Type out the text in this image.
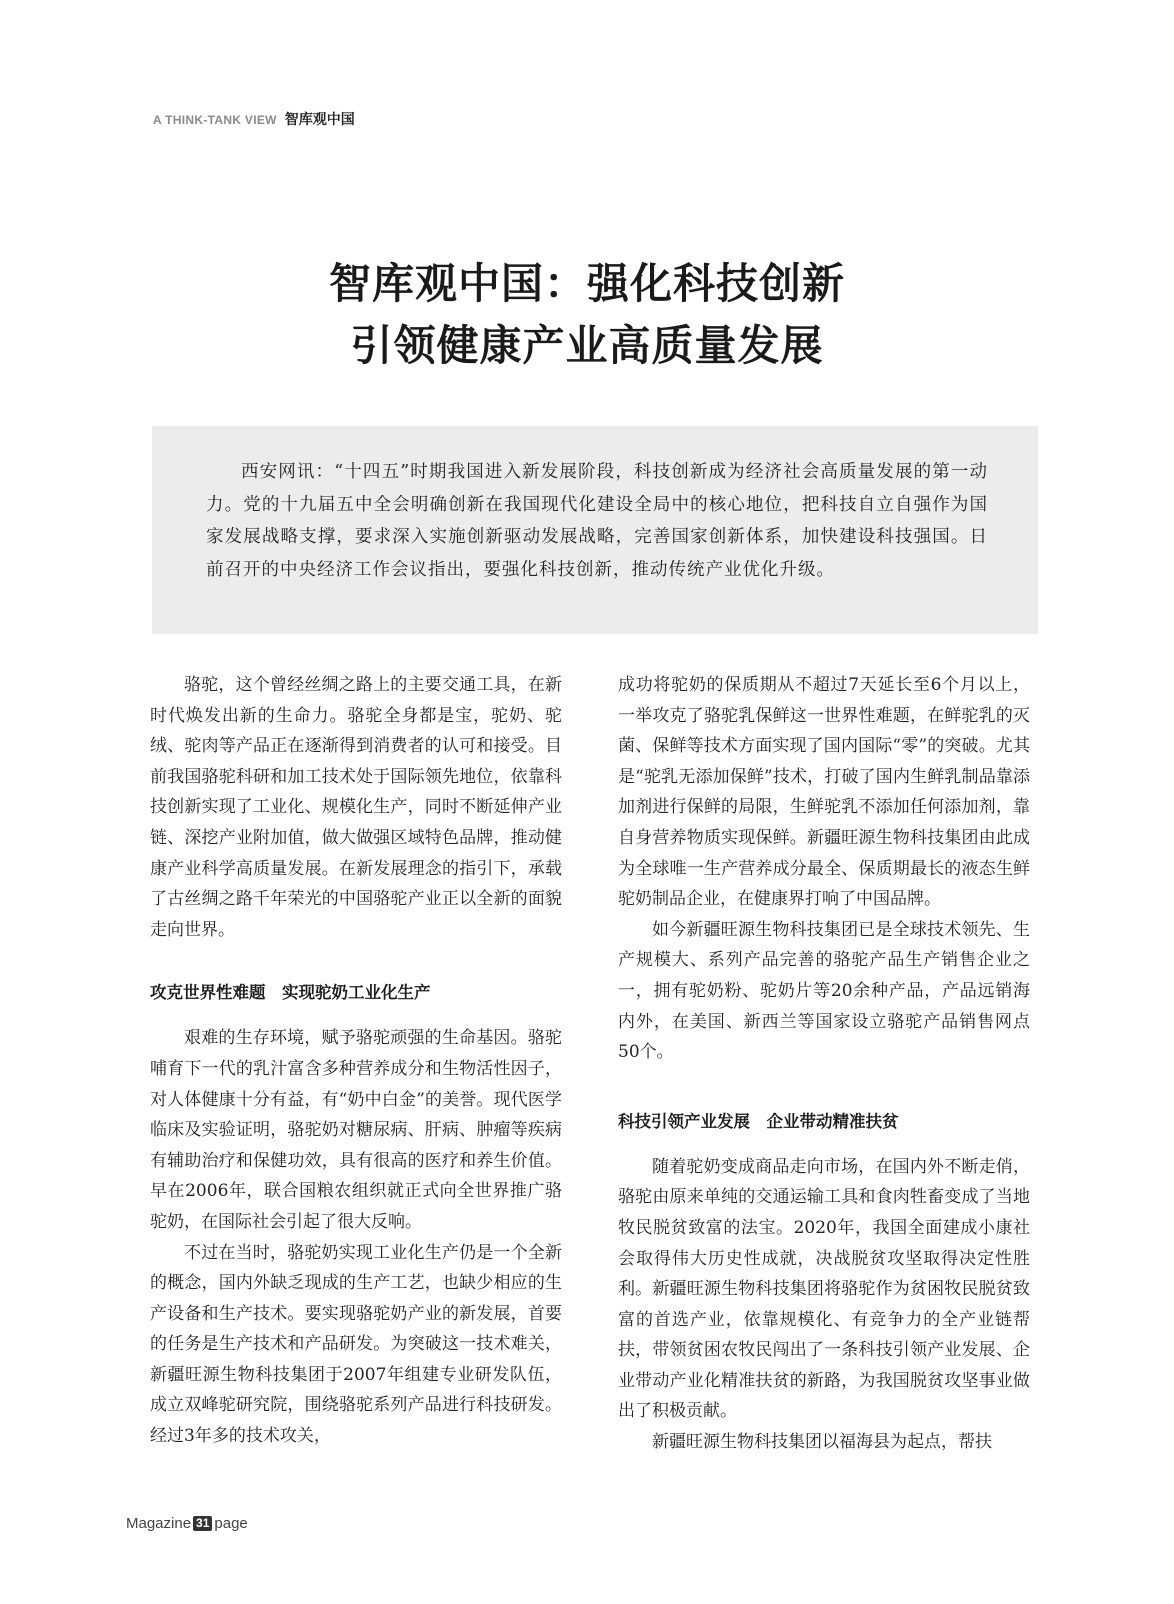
A THINK-TANK VIEW 智库观中国
智库观中国：强化科技创新
引领健康产业高质量发展
西安网讯：“十四五”时期我国进入新发展阶段，科技创新成为经济社会高质量发展的第一动力。党的十九届五中全会明确创新在我国现代化建设全局中的核心地位，把科技自立自强作为国家发展战略支撑，要求深入实施创新驱动发展战略，完善国家创新体系，加快建设科技强国。日前召开的中央经济工作会议指出，要强化科技创新，推动传统产业优化升级。

骆驼，这个曾经丝绸之路上的主要交通工具，在新时代焕发出新的生命力。骆驼全身都是宝，驼奶、驼绒、驼肉等产品正在逐渐得到消费者的认可和接受。目前我国骆驼科研和加工技术处于国际领先地位，依靠科技创新实现了工业化、规模化生产，同时不断延伸产业链、深挖产业附加值，做大做强区域特色品牌，推动健康产业科学高质量发展。在新发展理念的指引下，承载了古丝绸之路千年荣光的中国骆驼产业正以全新的面貌走向世界。

攻克世界性难题　实现驼奶工业化生产

艰难的生存环境，赋予骆驼顽强的生命基因。骆驼哺育下一代的乳汁富含多种营养成分和生物活性因子，对人体健康十分有益，有“奶中白金”的美誉。现代医学临床及实验证明，骆驼奶对糖尿病、肝病、肿瘤等疾病有辅助治疗和保健功效，具有很高的医疗和养生价值。早在2006年，联合国粮农组织就正式向全世界推广骆驼奶，在国际社会引起了很大反响。

不过在当时，骆驼奶实现工业化生产仍是一个全新的概念，国内外缺乏现成的生产工艺，也缺少相应的生产设备和生产技术。要实现骆驼奶产业的新发展，首要的任务是生产技术和产品研发。为突破这一技术难关，新疆旺源生物科技集团于2007年组建专业研发队伍，成立双峰驼研究院，围绕骆驼系列产品进行科技研发。经过3年多的技术攻关，

成功将驼奶的保质期从不超过7天延长至6个月以上，一举攻克了骆驼乳保鲜这一世界性难题，在鲜驼乳的灭菌、保鲜等技术方面实现了国内国际“零”的突破。尤其是“驼乳无添加保鲜”技术，打破了国内生鲜乳制品靠添加剂进行保鲜的局限，生鲜驼乳不添加任何添加剂，靠自身营养物质实现保鲜。新疆旺源生物科技集团由此成为全球唯一生产营养成分最全、保质期最长的液态生鲜驼奶制品企业，在健康界打响了中国品牌。

如今新疆旺源生物科技集团已是全球技术领先、生产规模大、系列产品完善的骆驼产品生产销售企业之一，拥有驼奶粉、驼奶片等20余种产品，产品远销海内外，在美国、新西兰等国家设立骆驼产品销售网点50个。

科技引领产业发展　企业带动精准扶贫

随着驼奶变成商品走向市场，在国内外不断走俏，骆驼由原来单纯的交通运输工具和食肉牲畜变成了当地牧民脱贫致富的法宝。2020年，我国全面建成小康社会取得伟大历史性成就，决战脱贫攻坚取得决定性胜利。新疆旺源生物科技集团将骆驼作为贫困牧民脱贫致富的首选产业，依靠规模化、有竞争力的全产业链帮扶，带领贫困农牧民闯出了一条科技引领产业发展、企业带动产业化精准扶贫的新路，为我国脱贫攻坚事业做出了积极贡献。

新疆旺源生物科技集团以福海县为起点，帮扶

Magazine 31 page
